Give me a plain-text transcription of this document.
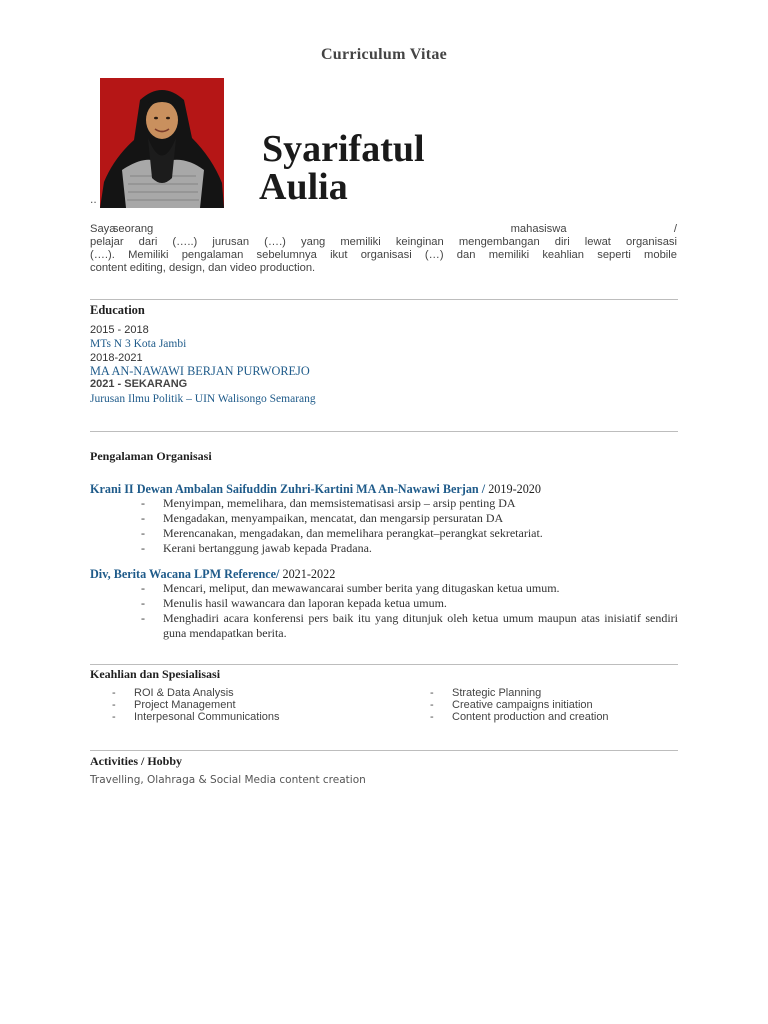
Curriculum Vitae
..
Syarifatul
Aulia
Saya
seorang	mahasiswa	/
pelajar dari (…..) jurusan (….) yang memiliki keinginan mengembangan diri lewat organisasi
(….). Memiliki pengalaman sebelumnya ikut organisasi (…) dan memiliki keahlian seperti mobile
content editing, design, dan video production.
Education
2015 - 2018
MTs N 3 Kota Jambi
2018-2021
MA AN-NAWAWI BERJAN PURWOREJO
2021 - SEKARANG
Jurusan Ilmu Politik – UIN Walisongo Semarang
Pengalaman Organisasi
Krani II Dewan Ambalan Saifuddin Zuhri-Kartini MA An-Nawawi Berjan / 2019-2020
- Menyimpan, memelihara, dan memsistematisasi arsip – arsip penting DA
- Mengadakan, menyampaikan, mencatat, dan mengarsip persuratan DA
- Merencanakan, mengadakan, dan memelihara perangkat–perangkat sekretariat.
- Kerani bertanggung jawab kepada Pradana.
Div, Berita Wacana LPM Reference/ 2021-2022
- Mencari, meliput, dan mewawancarai sumber berita yang ditugaskan ketua umum.
- Menulis hasil wawancara dan laporan kepada ketua umum.
- Menghadiri acara konferensi pers baik itu yang ditunjuk oleh ketua umum maupun atas inisiatif sendiri guna mendapatkan berita.
Keahlian dan Spesialisasi
- ROI & Data Analysis
- Project Management
- Interpesonal Communications
- Strategic Planning
- Creative campaigns initiation
- Content production and creation
Activities / Hobby
Travelling, Olahraga & Social Media content creation
